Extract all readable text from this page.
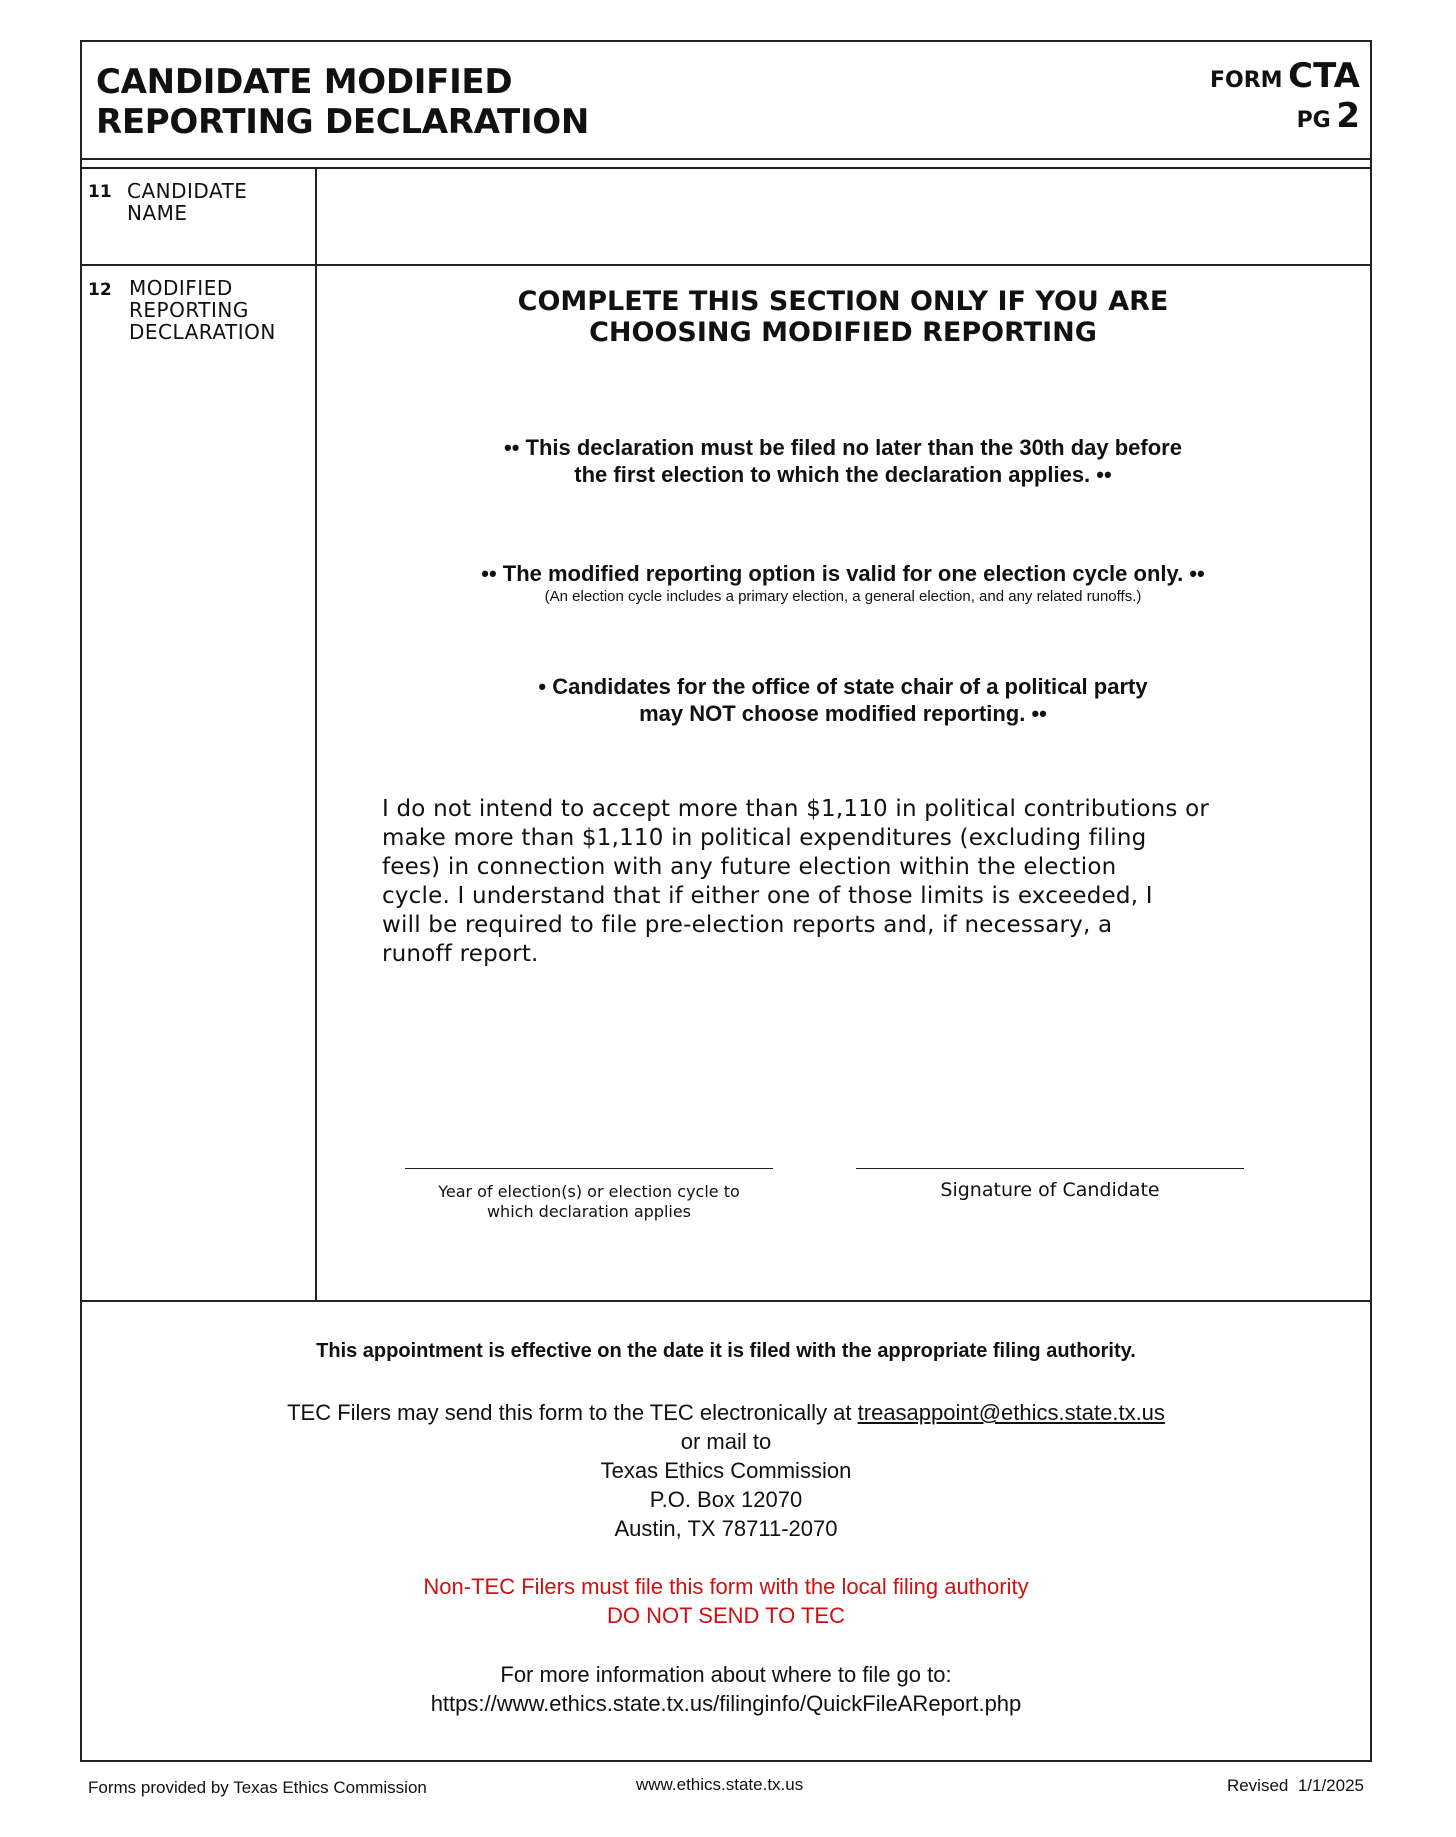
CANDIDATE MODIFIED
REPORTING DECLARATION
FORM CTA
PG 2
11 CANDIDATE
NAME
12 MODIFIED
REPORTING
DECLARATION
COMPLETE THIS SECTION ONLY IF YOU ARE
CHOOSING MODIFIED REPORTING
•• This declaration must be filed no later than the 30th day before
the first election to which the declaration applies. ••
•• The modified reporting option is valid for one election cycle only. ••
(An election cycle includes a primary election, a general election, and any related runoffs.)
• Candidates for the office of state chair of a political party
may NOT choose modified reporting. ••
I do not intend to accept more than $1,110 in political contributions or
make more than $1,110 in political expenditures (excluding filing
fees) in connection with any future election within the election
cycle. I understand that if either one of those limits is exceeded, I
will be required to file pre-election reports and, if necessary, a
runoff report.
Year of election(s) or election cycle to
which declaration applies
Signature of Candidate
This appointment is effective on the date it is filed with the appropriate filing authority.
TEC Filers may send this form to the TEC electronically at treasappoint@ethics.state.tx.us
or mail to
Texas Ethics Commission
P.O. Box 12070
Austin, TX 78711-2070
Non-TEC Filers must file this form with the local filing authority
DO NOT SEND TO TEC
For more information about where to file go to:
https://www.ethics.state.tx.us/filinginfo/QuickFileAReport.php
Forms provided by Texas Ethics Commission	www.ethics.state.tx.us	Revised  1/1/2025
